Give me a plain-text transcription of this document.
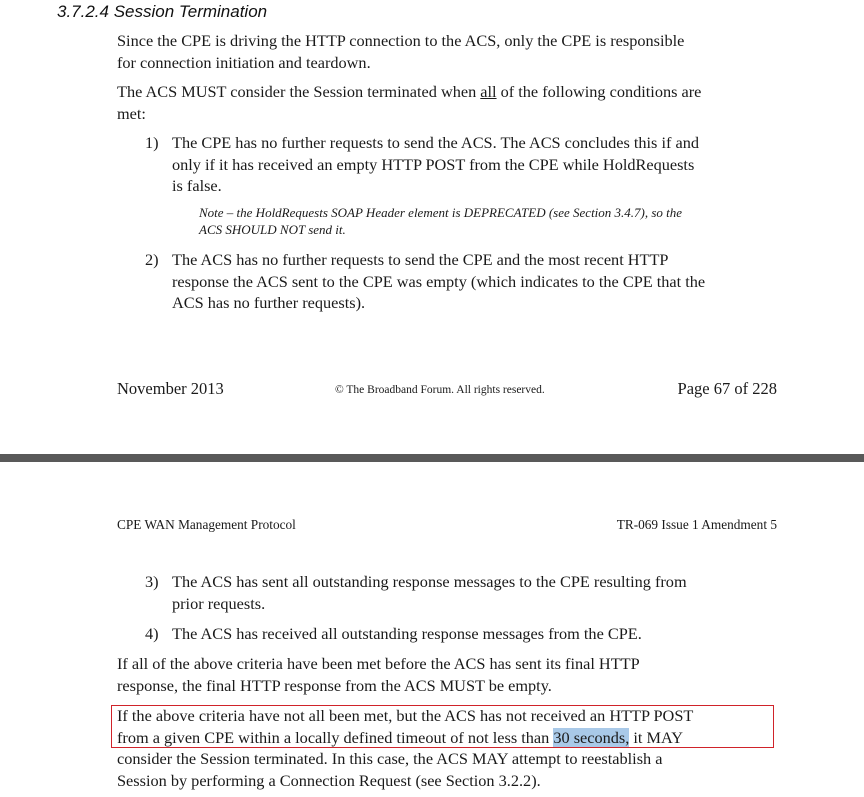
3.7.2.4 Session Termination
Since the CPE is driving the HTTP connection to the ACS, only the CPE is responsible
for connection initiation and teardown.
The ACS MUST consider the Session terminated when all of the following conditions are
met:
1) The CPE has no further requests to send the ACS. The ACS concludes this if and
only if it has received an empty HTTP POST from the CPE while HoldRequests
is false.
Note – the HoldRequests SOAP Header element is DEPRECATED (see Section 3.4.7), so the
ACS SHOULD NOT send it.
2) The ACS has no further requests to send the CPE and the most recent HTTP
response the ACS sent to the CPE was empty (which indicates to the CPE that the
ACS has no further requests).
November 2013	© The Broadband Forum. All rights reserved.	Page 67 of 228
CPE WAN Management Protocol	TR-069 Issue 1 Amendment 5
3) The ACS has sent all outstanding response messages to the CPE resulting from
prior requests.
4) The ACS has received all outstanding response messages from the CPE.
If all of the above criteria have been met before the ACS has sent its final HTTP
response, the final HTTP response from the ACS MUST be empty.
If the above criteria have not all been met, but the ACS has not received an HTTP POST
from a given CPE within a locally defined timeout of not less than 30 seconds, it MAY
consider the Session terminated. In this case, the ACS MAY attempt to reestablish a
Session by performing a Connection Request (see Section 3.2.2).
